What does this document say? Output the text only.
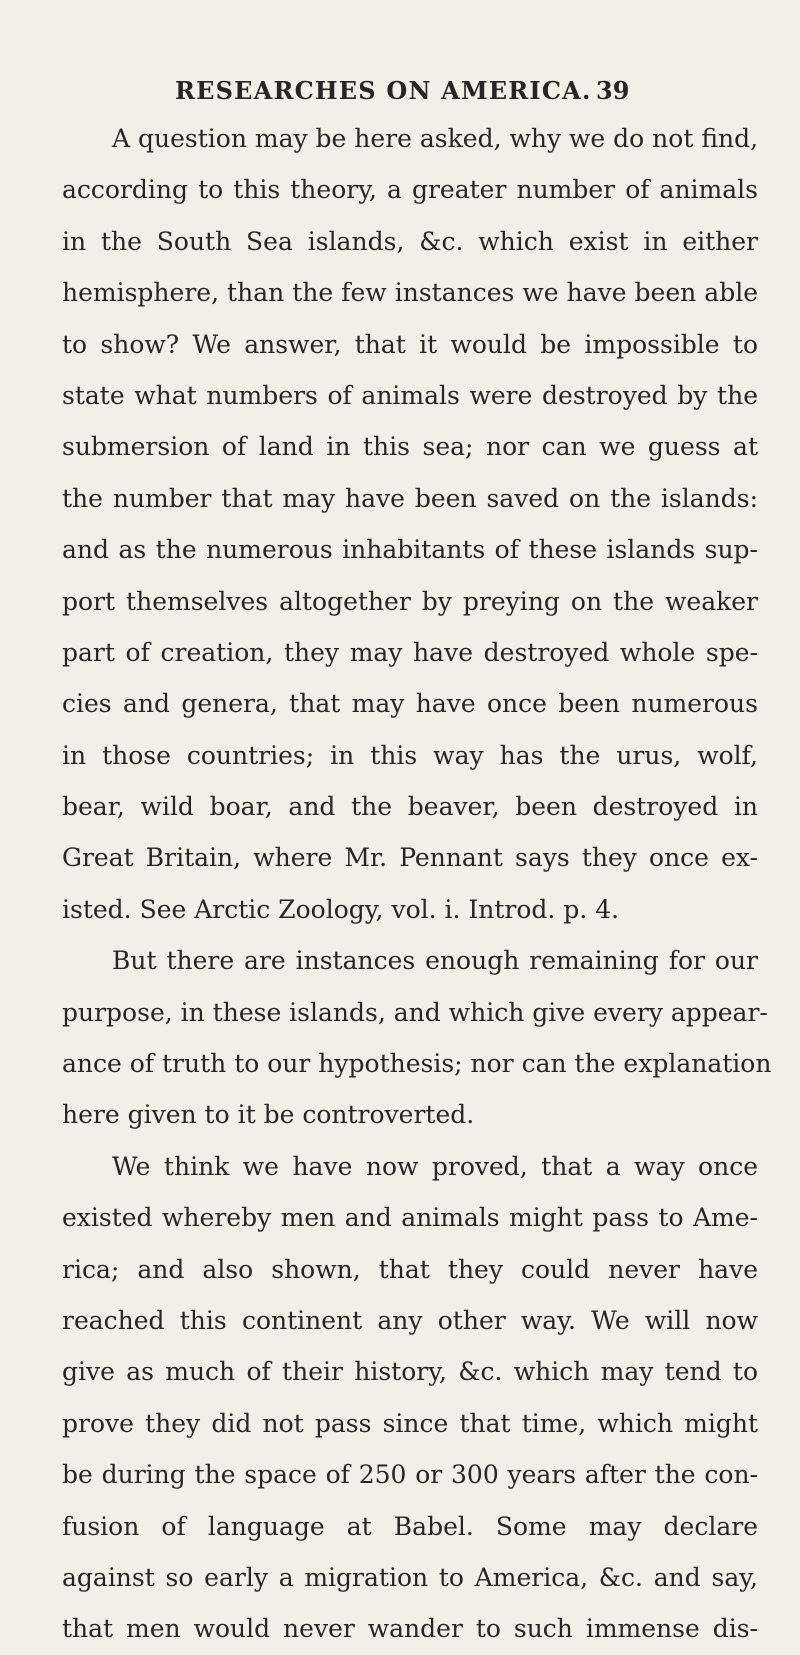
RESEARCHES ON AMERICA. 39
A question may be here asked, why we do not find,
according to this theory, a greater number of animals
in the South Sea islands, &c. which exist in either
hemisphere, than the few instances we have been able
to show? We answer, that it would be impossible to
state what numbers of animals were destroyed by the
submersion of land in this sea; nor can we guess at
the number that may have been saved on the islands:
and as the numerous inhabitants of these islands sup-
port themselves altogether by preying on the weaker
part of creation, they may have destroyed whole spe-
cies and genera, that may have once been numerous
in those countries; in this way has the urus, wolf,
bear, wild boar, and the beaver, been destroyed in
Great Britain, where Mr. Pennant says they once ex-
isted. See Arctic Zoology, vol. i. Introd. p. 4.
But there are instances enough remaining for our
purpose, in these islands, and which give every appear-
ance of truth to our hypothesis; nor can the explanation
here given to it be controverted.
We think we have now proved, that a way once
existed whereby men and animals might pass to Ame-
rica; and also shown, that they could never have
reached this continent any other way. We will now
give as much of their history, &c. which may tend to
prove they did not pass since that time, which might
be during the space of 250 or 300 years after the con-
fusion of language at Babel. Some may declare
against so early a migration to America, &c. and say,
that men would never wander to such immense dis-
